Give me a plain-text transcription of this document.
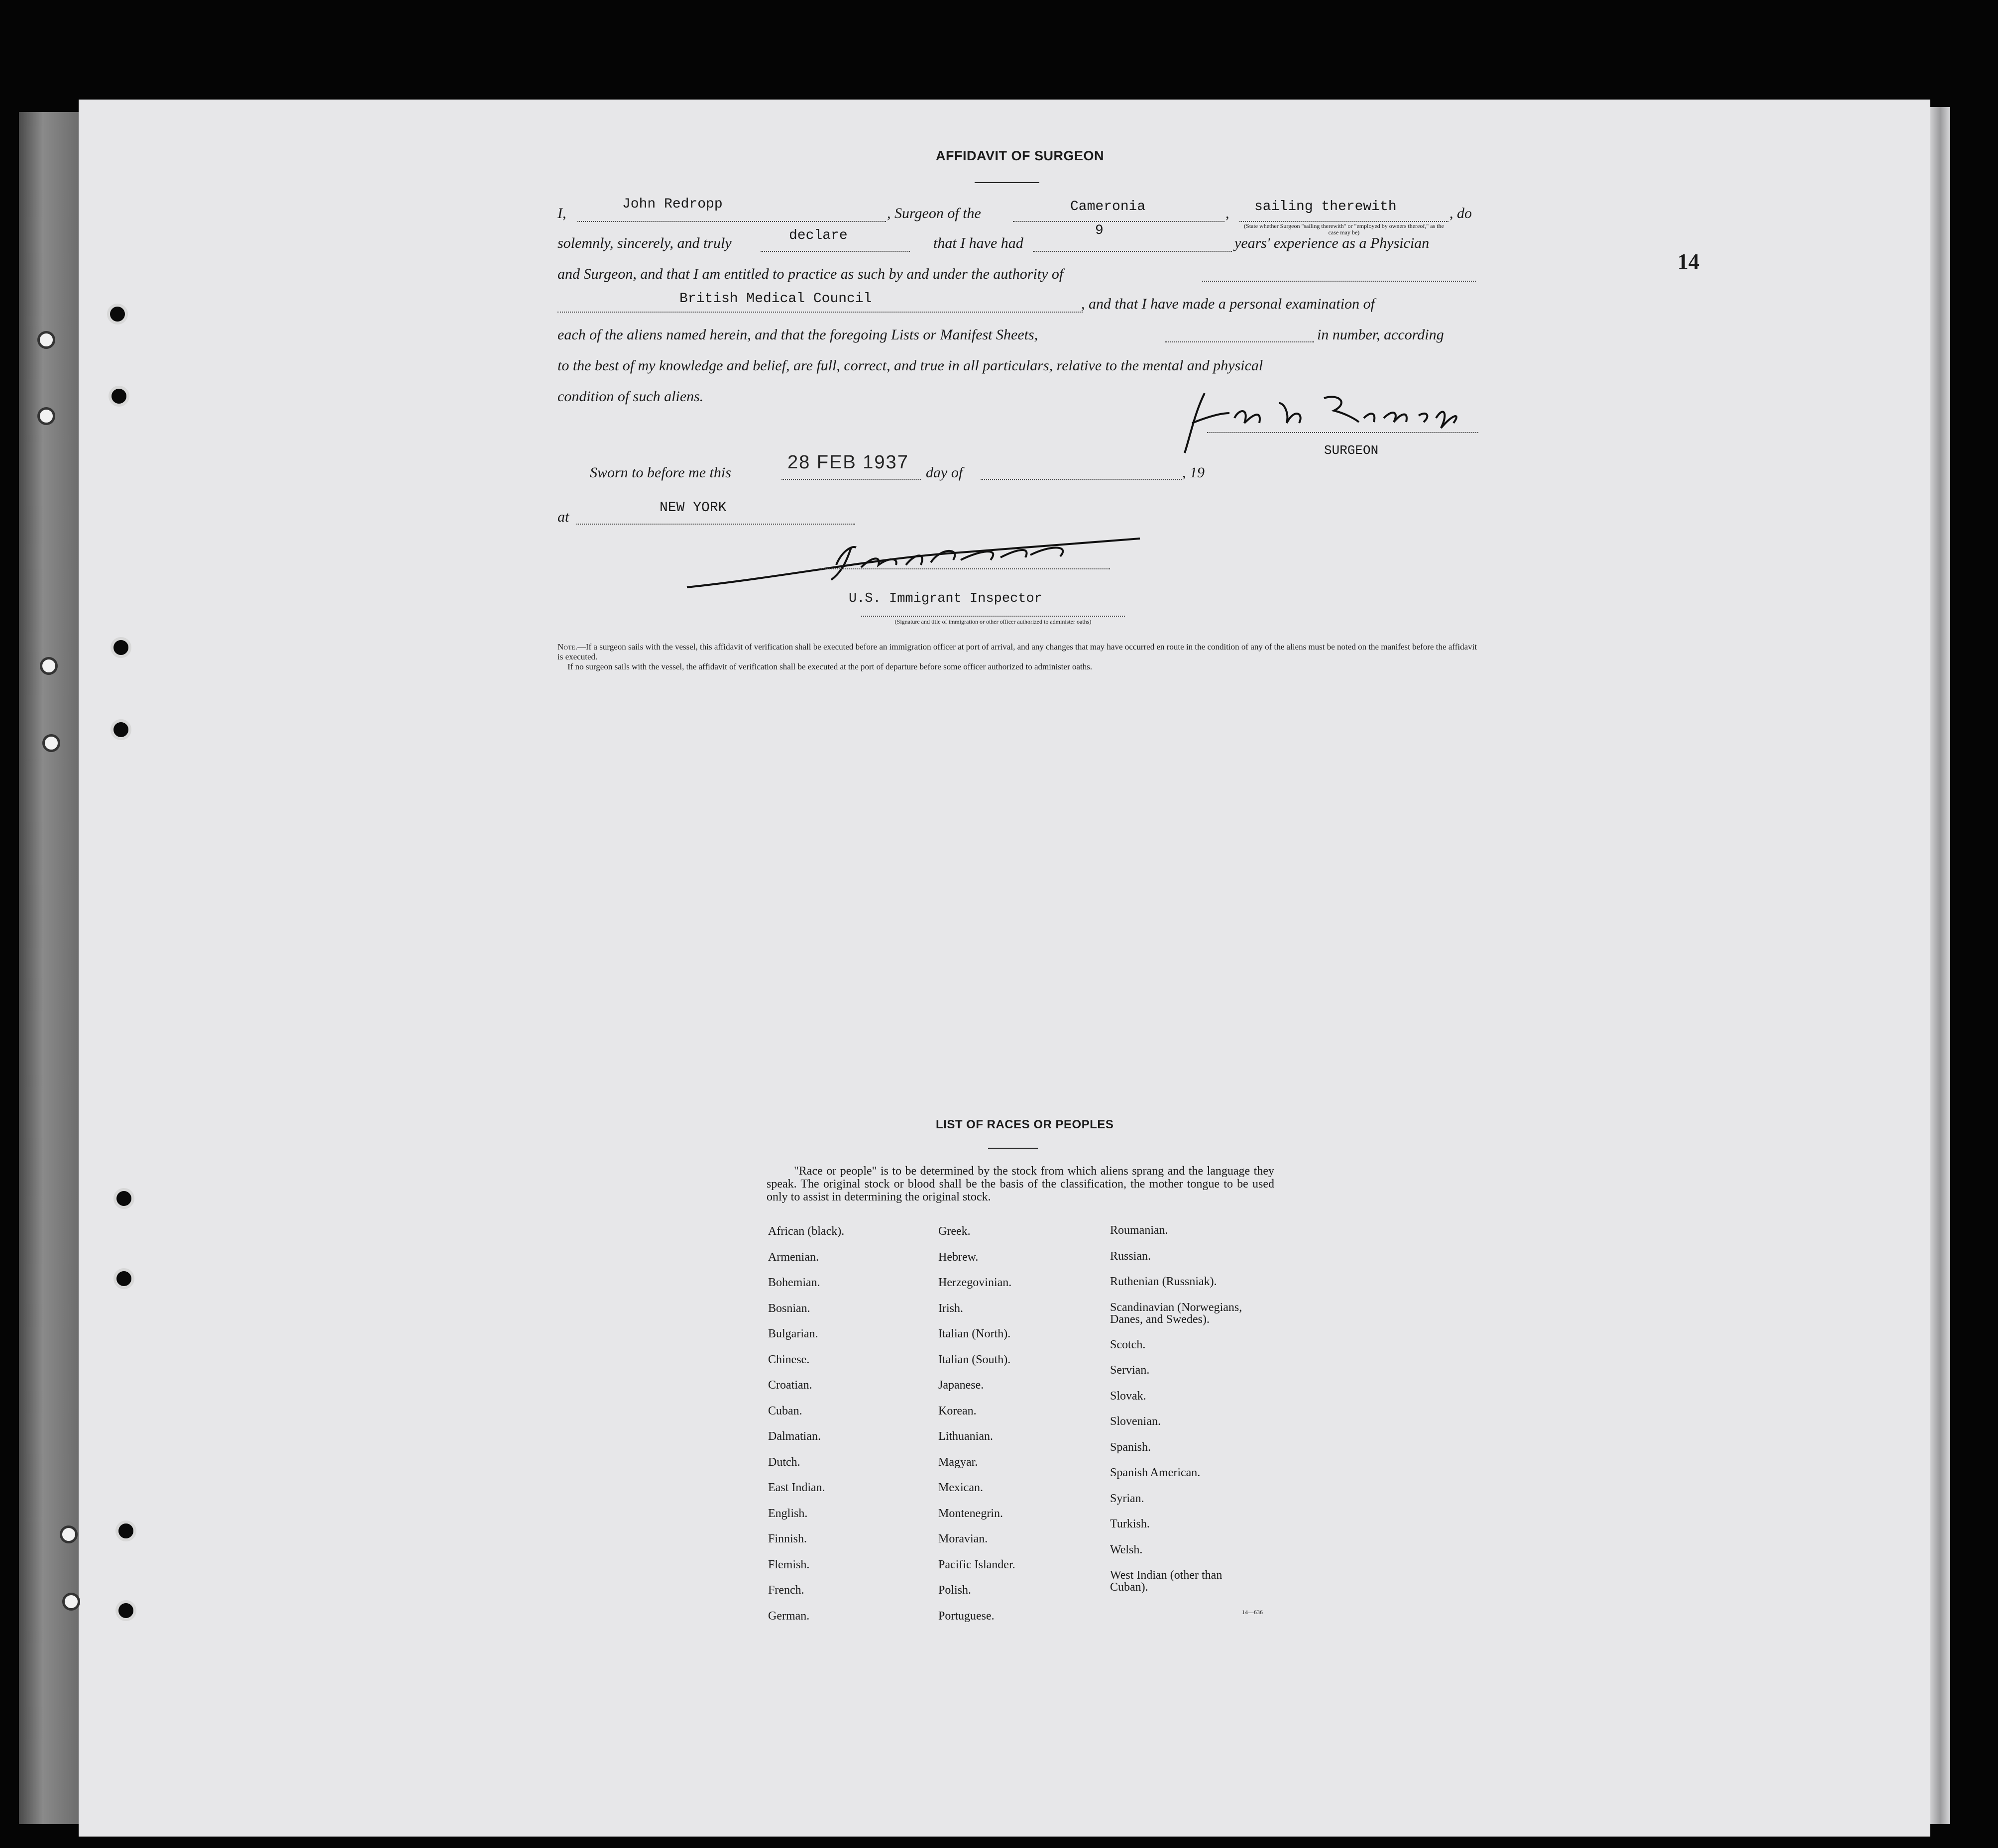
14
AFFIDAVIT OF SURGEON
I,
John Redropp
, Surgeon of the	Cameronia	, sailing therewith	, do
(State whether Surgeon "sailing therewith" or "employed by owners thereof," as the case may be)
solemnly, sincerely, and truly	declare	that I have had
9
years' experience as a Physician
and Surgeon, and that I am entitled to practice as such by and under the authority of
British Medical Council	, and that I have made a personal examination of
each of the aliens named herein, and that the foregoing Lists or Manifest Sheets,	in number, according
to the best of my knowledge and belief, are full, correct, and true in all particulars, relative to the mental and physical
condition of such aliens.
SURGEON
Sworn to before me this	28 FEB 1937 day of	, 19
at
NEW YORK
U.S. Immigrant Inspector
(Signature and title of immigration or other officer authorized to administer oaths)
Note.—If a surgeon sails with the vessel, this affidavit of verification shall be executed before an immigration officer at port of arrival, and any changes that may have occurred en route in the condition of any of the aliens must be noted on the manifest before the affidavit is executed.
If no surgeon sails with the vessel, the affidavit of verification shall be executed at the port of departure before some officer authorized to administer oaths.
LIST OF RACES OR PEOPLES
"Race or people" is to be determined by the stock from which aliens sprang and the language they speak. The original stock or blood shall be the basis of the classification, the mother tongue to be used only to assist in determining the original stock.
African (black).
Armenian.
Bohemian.
Bosnian.
Bulgarian.
Chinese.
Croatian.
Cuban.
Dalmatian.
Dutch.
East Indian.
English.
Finnish.
Flemish.
French.
German.
Greek.
Hebrew.
Herzegovinian.
Irish.
Italian (North).
Italian (South).
Japanese.
Korean.
Lithuanian.
Magyar.
Mexican.
Montenegrin.
Moravian.
Pacific Islander.
Polish.
Portuguese.
Roumanian.
Russian.
Ruthenian (Russniak).
Scandinavian (Norwegians,
Danes, and Swedes).
Scotch.
Servian.
Slovak.
Slovenian.
Spanish.
Spanish American.
Syrian.
Turkish.
Welsh.
West Indian (other than
Cuban).
14—636
